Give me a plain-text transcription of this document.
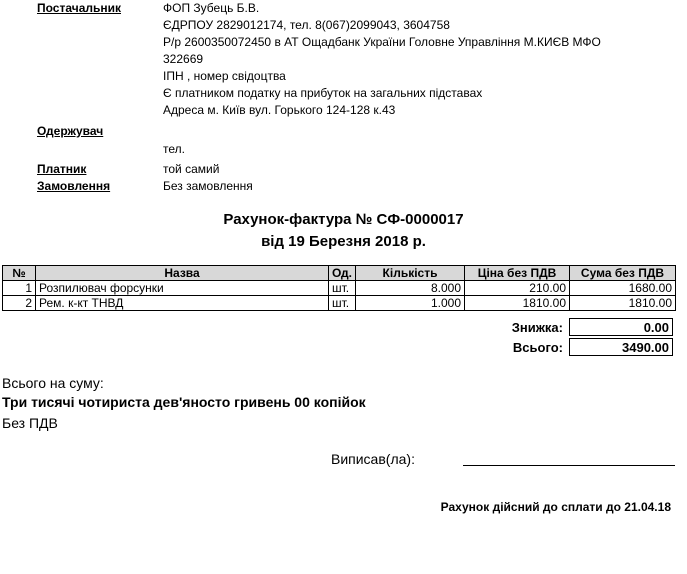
Постачальник	ФОП Зубець Б.В.
ЄДРПОУ 2829012174, тел. 8(067)2099043, 3604758
Р/р 2600350072450 в АТ Ощадбанк України Головне Управління М.КИЄВ МФО
322669
ІПН , номер свідоцтва
Є платником податку на прибуток на загальних підставах
Адреса м. Київ вул. Горького 124-128 к.43
Одержувач
тел.
Платник	той самий
Замовлення	Без замовлення
Рахунок-фактура № СФ-0000017
від 19 Березня 2018 р.
№	Назва	Од.	Кількість	Ціна без ПДВ	Сума без ПДВ
1	Розпилювач форсунки	шт.	8.000	210.00	1680.00
2	Рем. к-кт ТНВД	шт.	1.000	1810.00	1810.00
Знижка:	0.00
Всього:	3490.00
Всього на суму:
Три тисячі чотириста дев'яносто гривень 00 копійок
Без ПДВ
Виписав(ла):
Рахунок дійсний до сплати до 21.04.18
